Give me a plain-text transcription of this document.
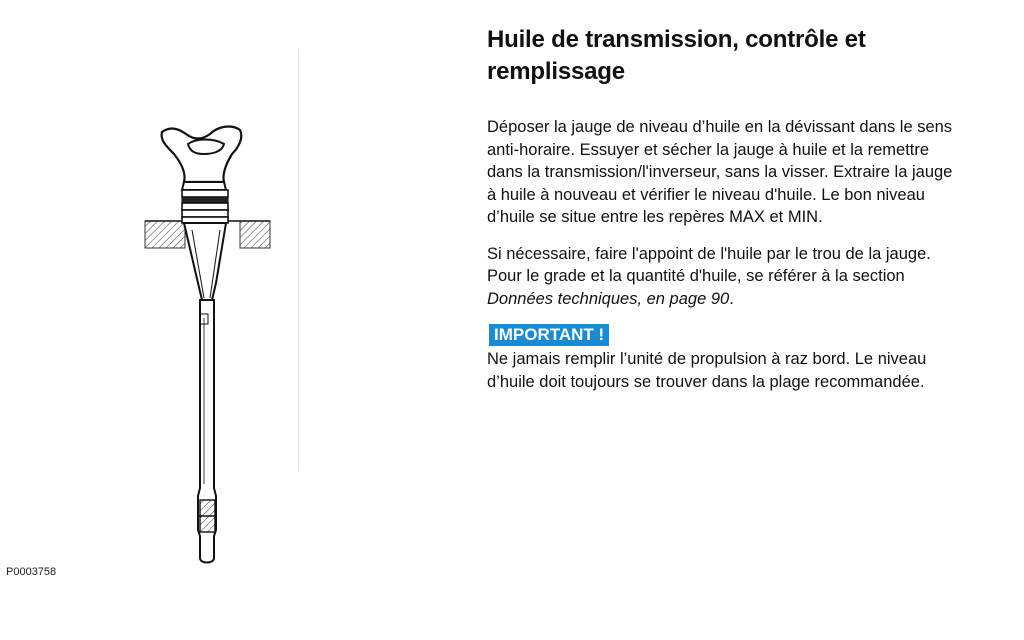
P0003758
Huile de transmission, contrôle et remplissage

Déposer la jauge de niveau d’huile en la dévissant dans le sens anti-horaire. Essuyer et sécher la jauge à huile et la remettre dans la transmission/l'inverseur, sans la visser. Extraire la jauge à huile à nouveau et vérifier le niveau d'huile. Le bon niveau d’huile se situe entre les repères MAX et MIN.

Si nécessaire, faire l'appoint de l'huile par le trou de la jauge. Pour le grade et la quantité d'huile, se référer à la section Données techniques, en page 90.

IMPORTANT !

Ne jamais remplir l’unité de propulsion à raz bord. Le niveau d’huile doit toujours se trouver dans la plage recommandée.
